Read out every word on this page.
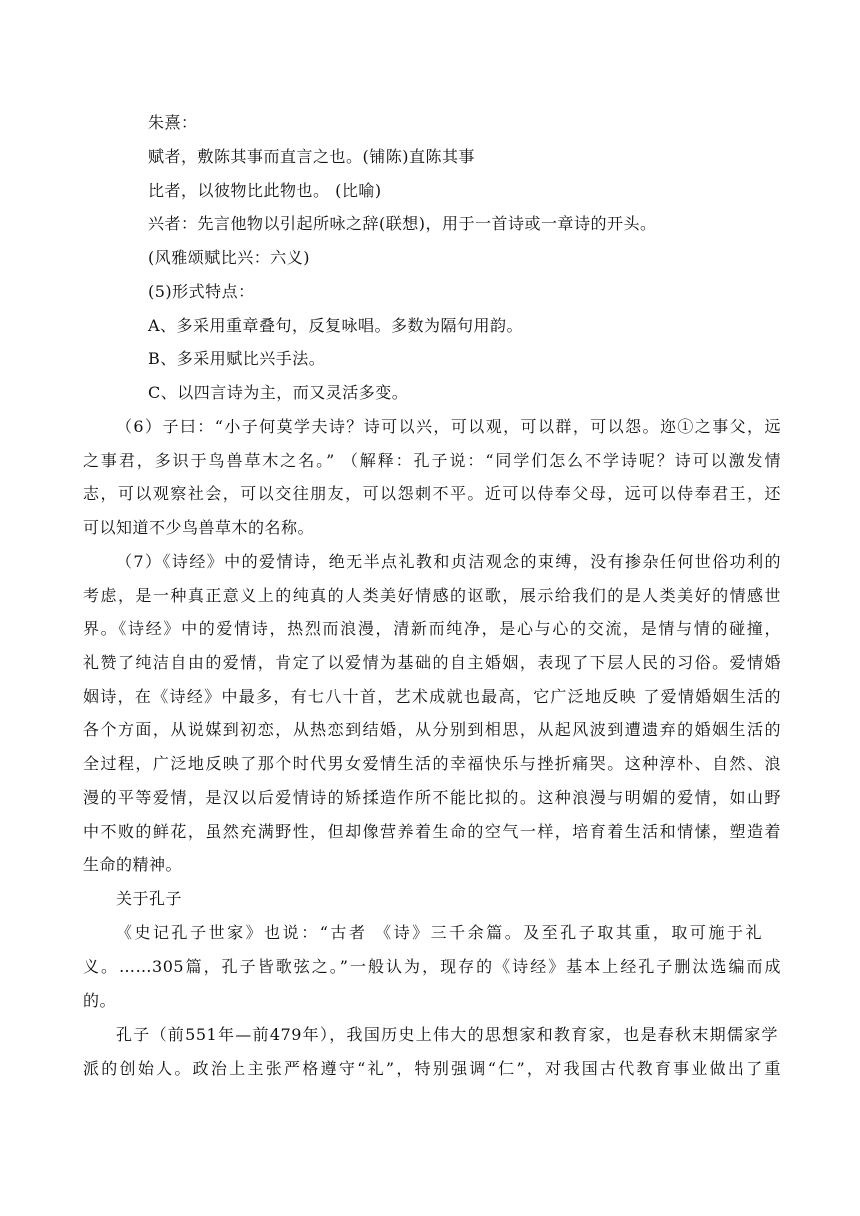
朱熹：
赋者，敷陈其事而直言之也。(铺陈)直陈其事
比者，以彼物比此物也。 (比喻)
兴者：先言他物以引起所咏之辞(联想)，用于一首诗或一章诗的开头。
(风雅颂赋比兴：六义)
(5)形式特点：
A、多采用重章叠句，反复咏唱。多数为隔句用韵。
B、多采用赋比兴手法。
C、以四言诗为主，而又灵活多变。
（6）子曰：“小子何莫学夫诗？诗可以兴，可以观，可以群，可以怨。迩①之事父，远
之事君，多识于鸟兽草木之名。” （解释：孔子说：“同学们怎么不学诗呢？诗可以激发情
志，可以观察社会，可以交往朋友，可以怨刺不平。近可以侍奉父母，远可以侍奉君王，还
可以知道不少鸟兽草木的名称。
（7）《诗经》中的爱情诗，绝无半点礼教和贞洁观念的束缚，没有掺杂任何世俗功利的
考虑，是一种真正意义上的纯真的人类美好情感的讴歌，展示给我们的是人类美好的情感世
界。《诗经》中的爱情诗，热烈而浪漫，清新而纯净，是心与心的交流，是情与情的碰撞，
礼赞了纯洁自由的爱情，肯定了以爱情为基础的自主婚姻，表现了下层人民的习俗。爱情婚
姻诗，在《诗经》中最多，有七八十首，艺术成就也最高，它广泛地反映 了爱情婚姻生活的
各个方面，从说媒到初恋，从热恋到结婚，从分别到相思，从起风波到遭遗弃的婚姻生活的
全过程，广泛地反映了那个时代男女爱情生活的幸福快乐与挫折痛哭。这种淳朴、自然、浪
漫的平等爱情，是汉以后爱情诗的矫揉造作所不能比拟的。这种浪漫与明媚的爱情，如山野
中不败的鲜花，虽然充满野性，但却像营养着生命的空气一样，培育着生活和情愫，塑造着
生命的精神。
关于孔子
《史记孔子世家》也说：“古者 《诗》三千余篇。及至孔子取其重，取可施于礼
义。……305篇，孔子皆歌弦之。”一般认为，现存的《诗经》基本上经孔子删汰选编而成
的。
孔子（前551年—前479年），我国历史上伟大的思想家和教育家，也是春秋末期儒家学
派的创始人。政治上主张严格遵守“礼”，特别强调“仁”，对我国古代教育事业做出了重
